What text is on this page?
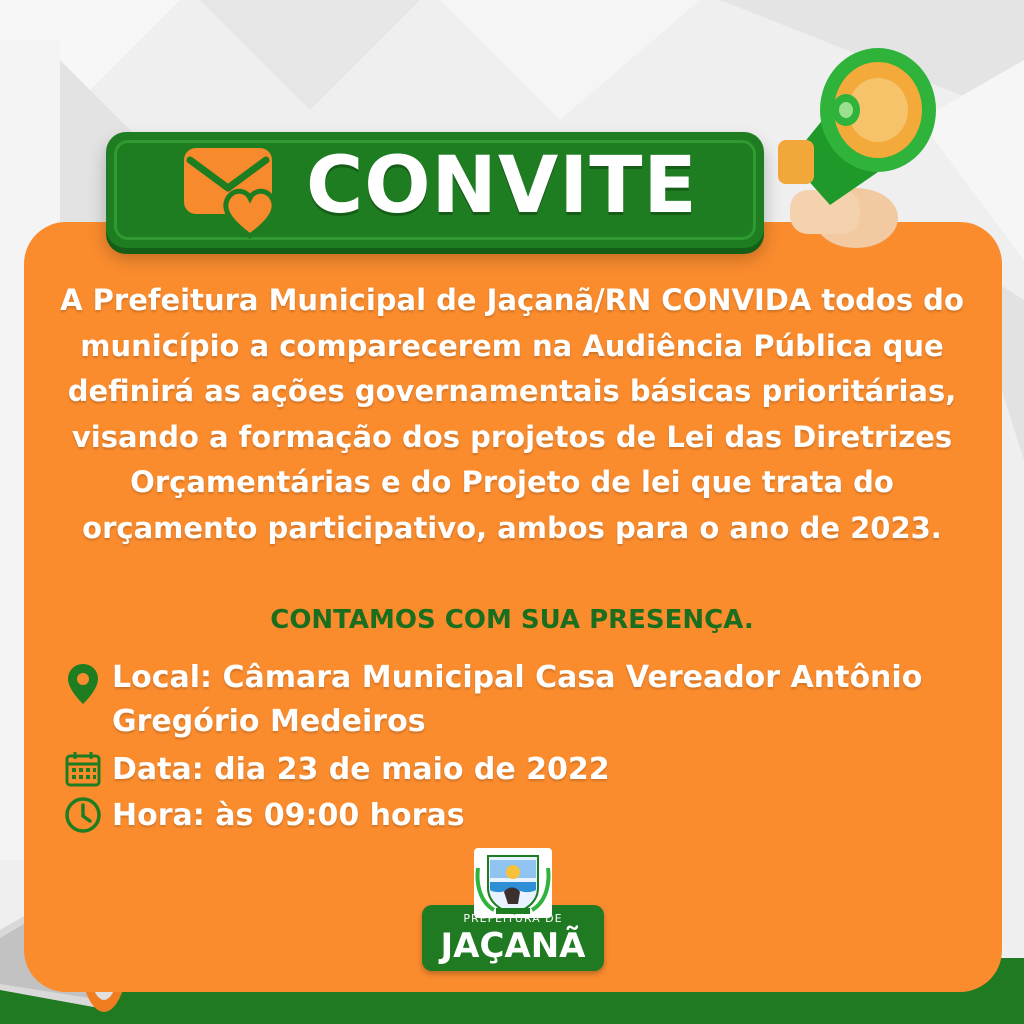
CONVITE
A Prefeitura Municipal de Jaçanã/RN CONVIDA todos do município a comparecerem na Audiência Pública que definirá as ações governamentais básicas prioritárias, visando a formação dos projetos de Lei das Diretrizes Orçamentárias e do Projeto de lei que trata do orçamento participativo, ambos para o ano de 2023.
CONTAMOS COM SUA PRESENÇA.
Local: Câmara Municipal Casa Vereador Antônio Gregório Medeiros
Data: dia 23 de maio de 2022
Hora: às 09:00 horas
PREFEITURA DE
JAÇANÃ
